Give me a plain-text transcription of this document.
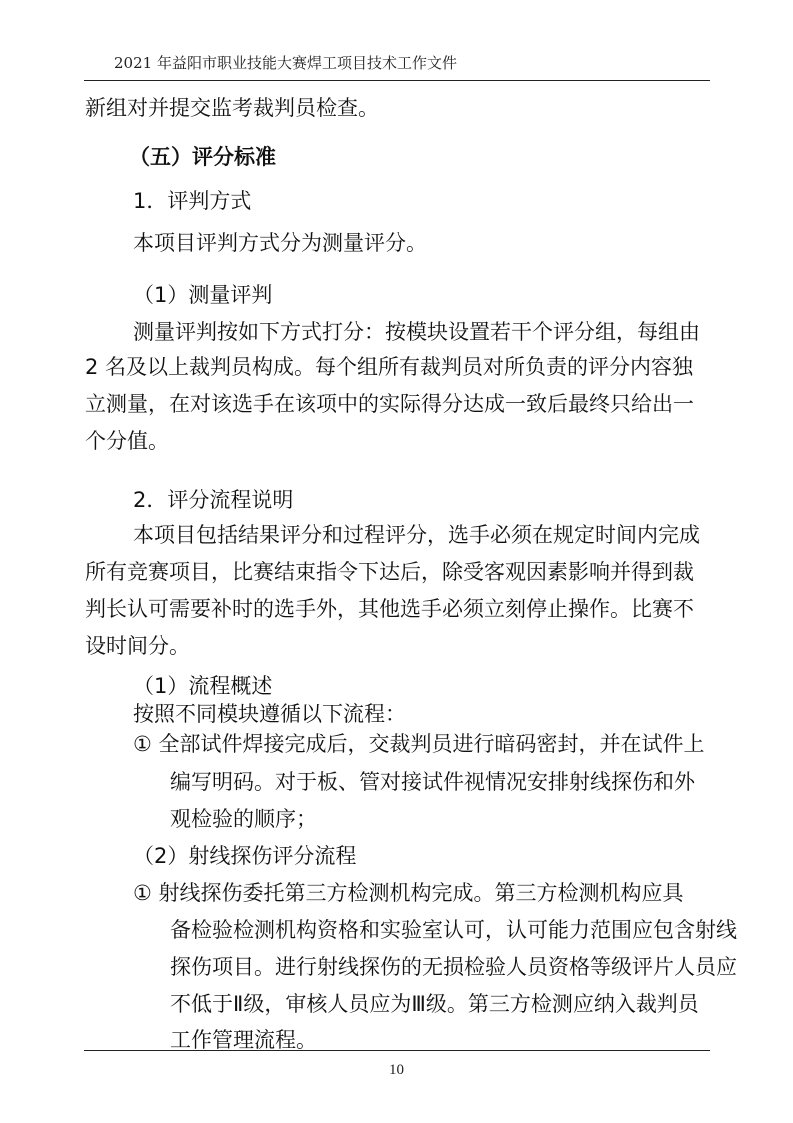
2021 年益阳市职业技能大赛焊工项目技术工作文件
新组对并提交监考裁判员检查。
（五）评分标准
1．评判方式
本项目评判方式分为测量评分。
（1）测量评判
测量评判按如下方式打分：按模块设置若干个评分组，每组由
2 名及以上裁判员构成。每个组所有裁判员对所负责的评分内容独
立测量，在对该选手在该项中的实际得分达成一致后最终只给出一
个分值。
2．评分流程说明
本项目包括结果评分和过程评分，选手必须在规定时间内完成
所有竞赛项目，比赛结束指令下达后，除受客观因素影响并得到裁
判长认可需要补时的选手外，其他选手必须立刻停止操作。比赛不
设时间分。
（1）流程概述
按照不同模块遵循以下流程：
① 全部试件焊接完成后，交裁判员进行暗码密封，并在试件上
编写明码。对于板、管对接试件视情况安排射线探伤和外
观检验的顺序；
（2）射线探伤评分流程
① 射线探伤委托第三方检测机构完成。第三方检测机构应具
备检验检测机构资格和实验室认可，认可能力范围应包含射线
探伤项目。进行射线探伤的无损检验人员资格等级评片人员应
不低于Ⅱ级，审核人员应为Ⅲ级。第三方检测应纳入裁判员
工作管理流程。
10
